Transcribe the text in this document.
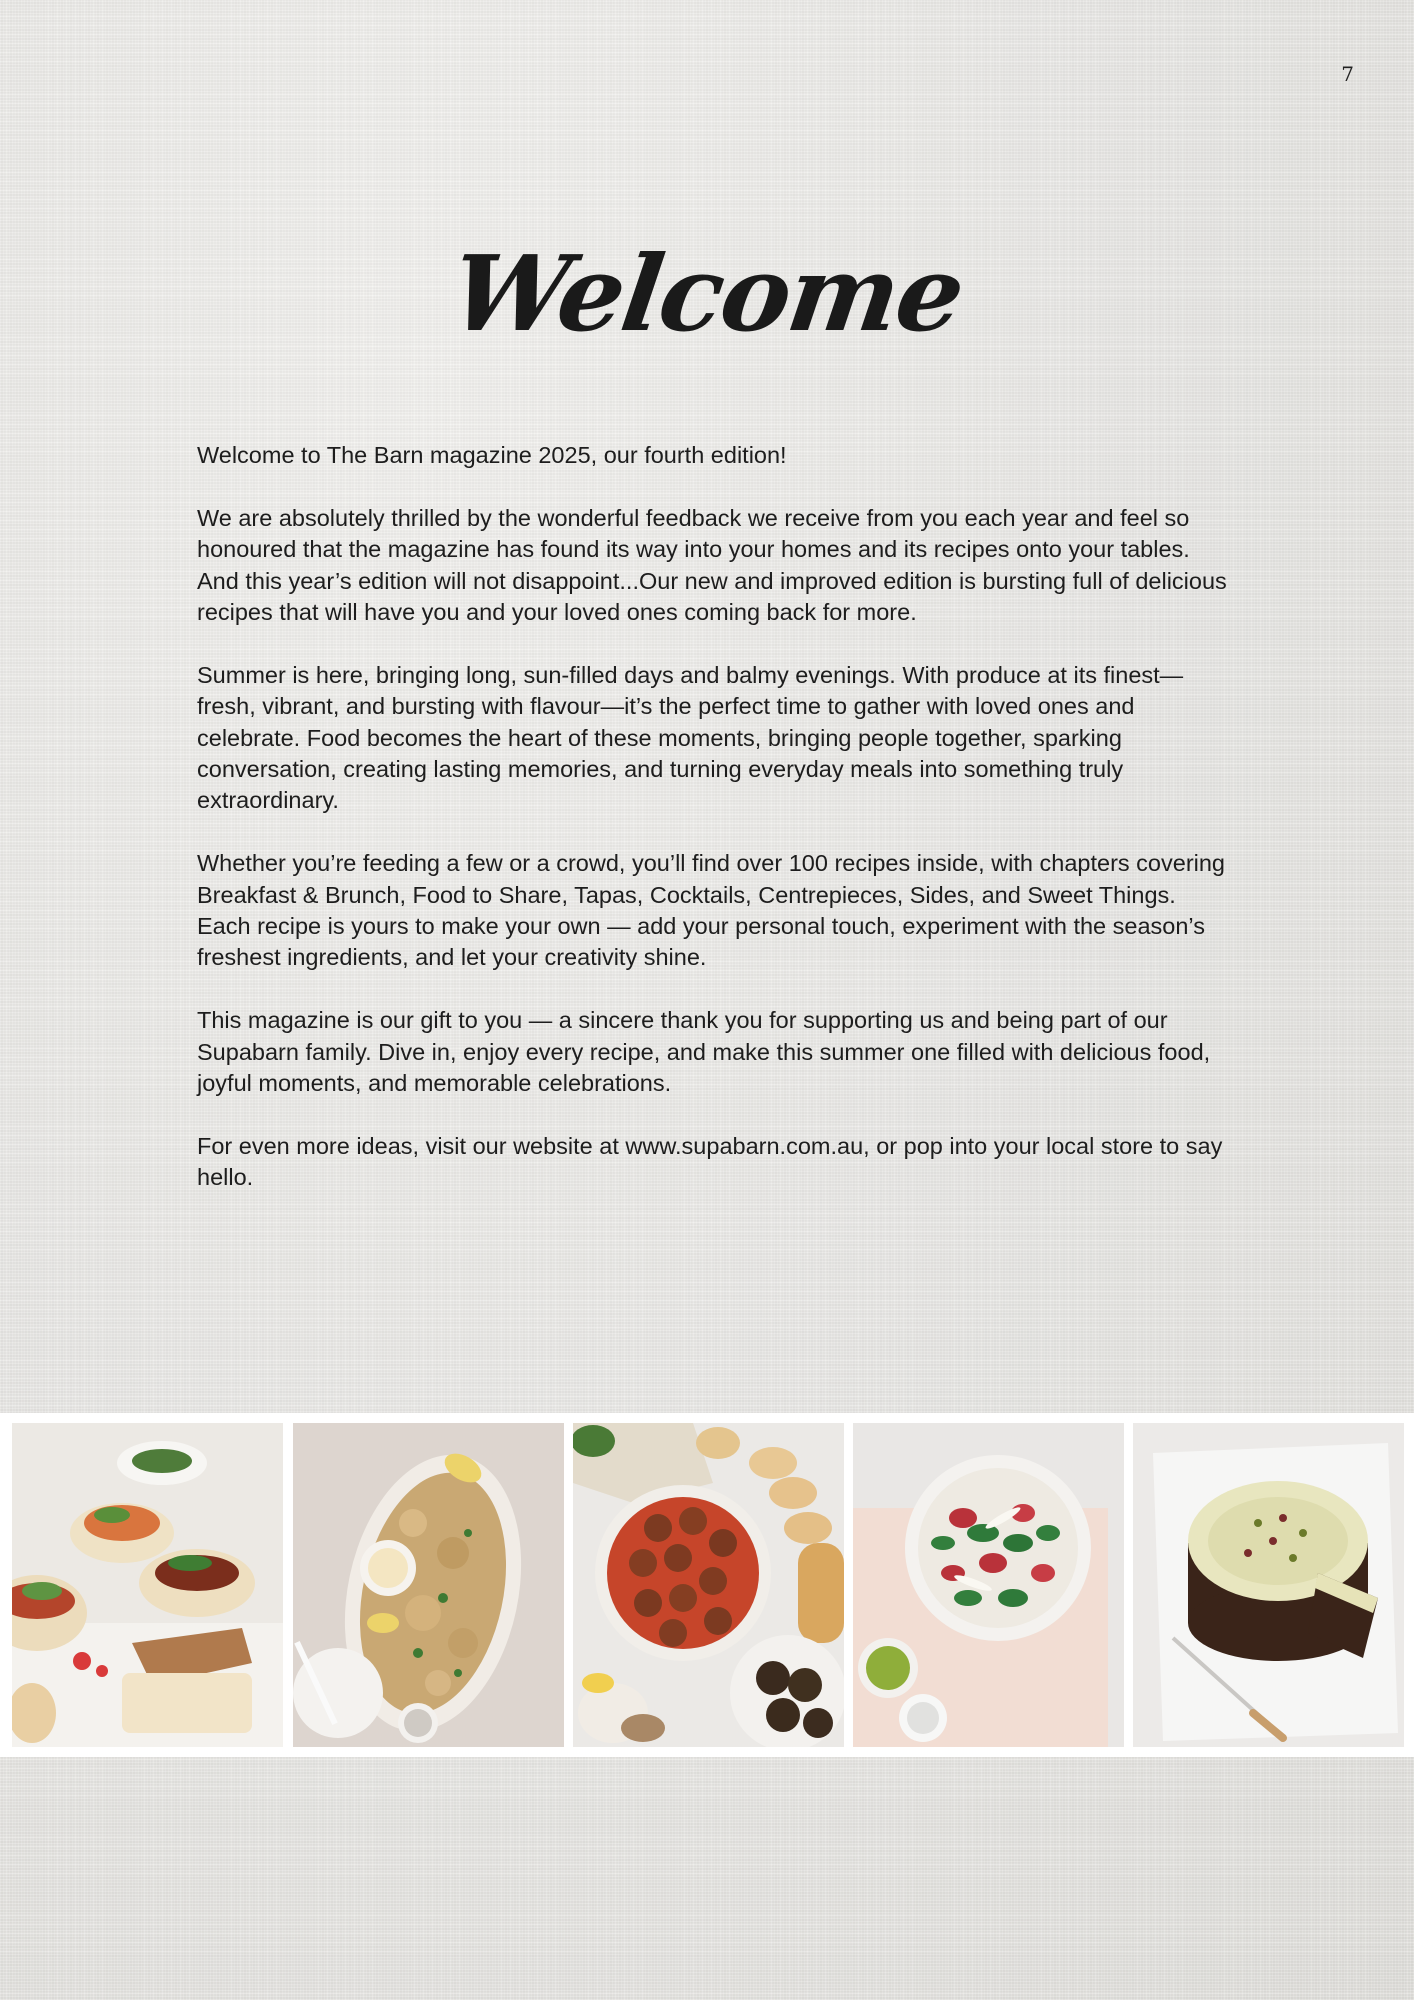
7
Welcome

Welcome to The Barn magazine 2025, our fourth edition!

We are absolutely thrilled by the wonderful feedback we receive from you each year and feel so honoured that the magazine has found its way into your homes and its recipes onto your tables. And this year’s edition will not disappoint...Our new and improved edition is bursting full of delicious recipes that will have you and your loved ones coming back for more.

Summer is here, bringing long, sun-filled days and balmy evenings. With produce at its finest—fresh, vibrant, and bursting with flavour—it’s the perfect time to gather with loved ones and celebrate. Food becomes the heart of these moments, bringing people together, sparking conversation, creating lasting memories, and turning everyday meals into something truly extraordinary.

Whether you’re feeding a few or a crowd, you’ll find over 100 recipes inside, with chapters covering Breakfast & Brunch, Food to Share, Tapas, Cocktails, Centrepieces, Sides, and Sweet Things. Each recipe is yours to make your own — add your personal touch, experiment with the season’s freshest ingredients, and let your creativity shine.

This magazine is our gift to you — a sincere thank you for supporting us and being part of our Supabarn family. Dive in, enjoy every recipe, and make this summer one filled with delicious food, joyful moments, and memorable celebrations.

For even more ideas, visit our website at www.supabarn.com.au, or pop into your local store to say hello.
